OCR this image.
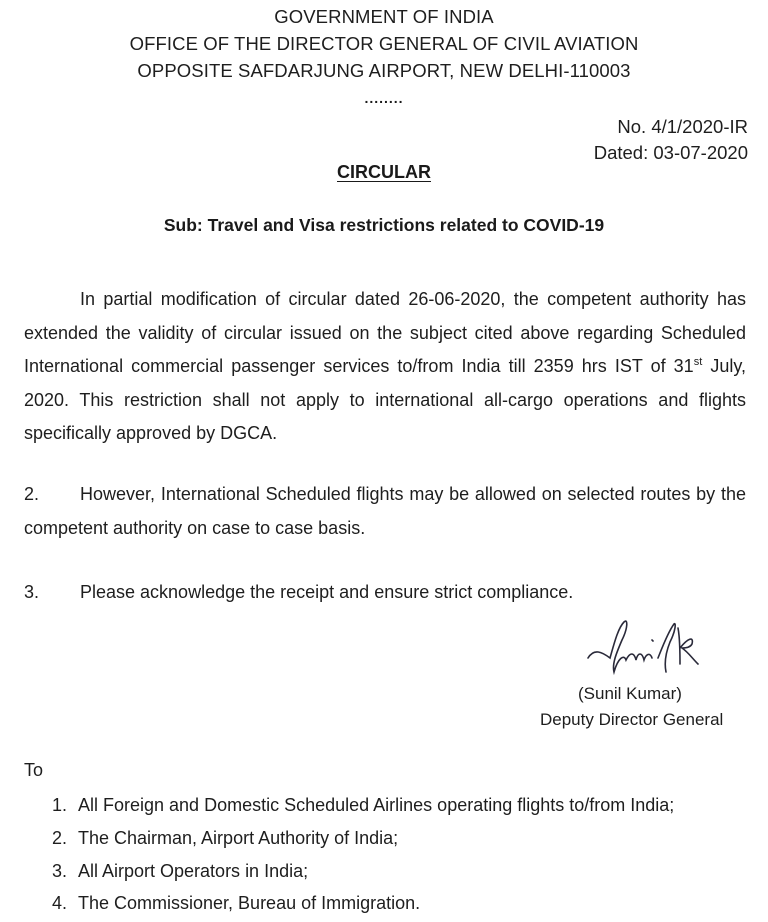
GOVERNMENT OF INDIA
OFFICE OF THE DIRECTOR GENERAL OF CIVIL AVIATION
OPPOSITE SAFDARJUNG AIRPORT, NEW DELHI-110003
........
No. 4/1/2020-IR
Dated: 03-07-2020
CIRCULAR
Sub: Travel and Visa restrictions related to COVID-19
In partial modification of circular dated 26-06-2020, the competent authority has extended the validity of circular issued on the subject cited above regarding Scheduled International commercial passenger services to/from India till 2359 hrs IST of 31st July, 2020. This restriction shall not apply to international all-cargo operations and flights specifically approved by DGCA.
2. However, International Scheduled flights may be allowed on selected routes by the competent authority on case to case basis.
3. Please acknowledge the receipt and ensure strict compliance.
(Sunil Kumar)
Deputy Director General
To
1. All Foreign and Domestic Scheduled Airlines operating flights to/from India;
2. The Chairman, Airport Authority of India;
3. All Airport Operators in India;
4. The Commissioner, Bureau of Immigration.
